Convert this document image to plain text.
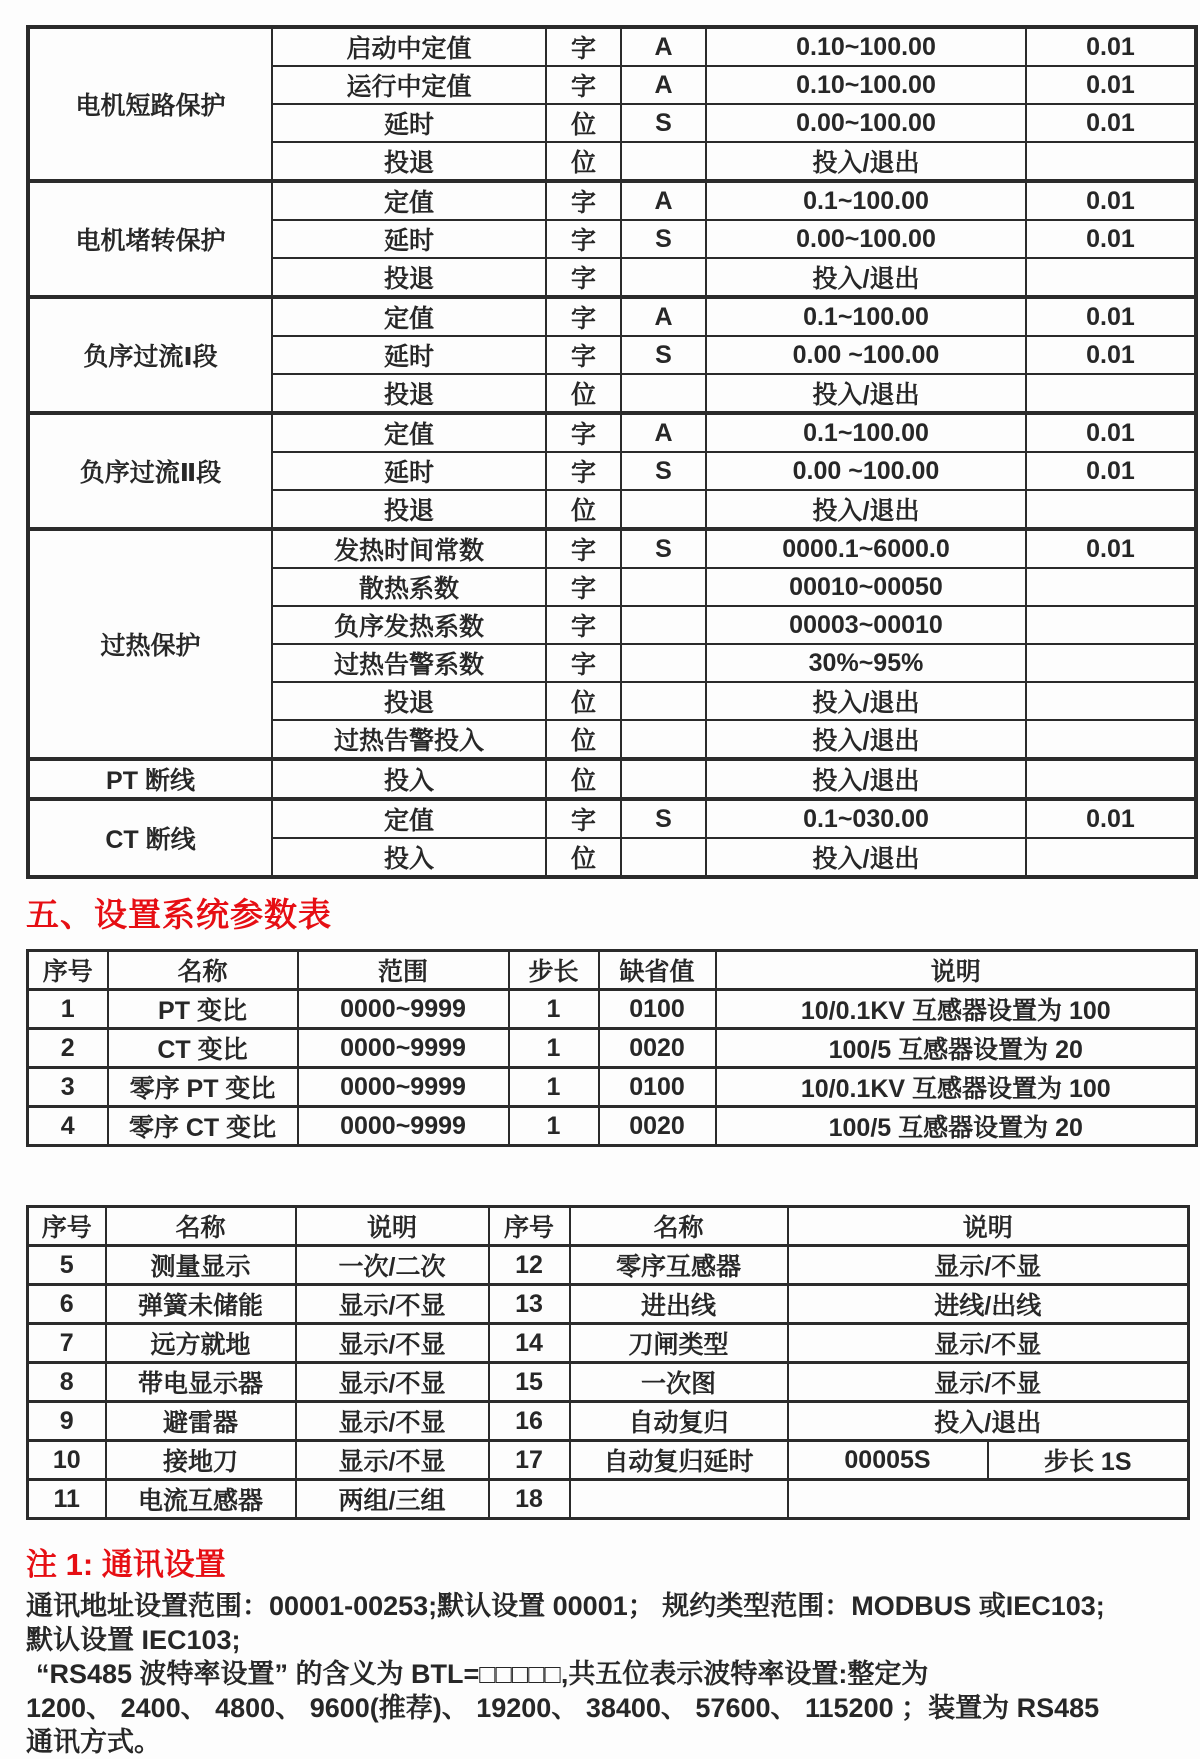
电机短路保护	启动中定值	字	A	0.10~100.00	0.01
	运行中定值	字	A	0.10~100.00	0.01
	延时	位	S	0.00~100.00	0.01
	投退	位		投入/退出	
电机堵转保护	定值	字	A	0.1~100.00	0.01
	延时	字	S	0.00~100.00	0.01
	投退	字		投入/退出	
负序过流Ⅰ段	定值	字	A	0.1~100.00	0.01
	延时	字	S	0.00 ~100.00	0.01
	投退	位		投入/退出	
负序过流Ⅱ段	定值	字	A	0.1~100.00	0.01
	延时	字	S	0.00 ~100.00	0.01
	投退	位		投入/退出	
过热保护	发热时间常数	字	S	0000.1~6000.0	0.01
	散热系数	字		00010~00050	
	负序发热系数	字		00003~00010	
	过热告警系数	字		30%~95%	
	投退	位		投入/退出	
	过热告警投入	位		投入/退出	
PT 断线	投入	位		投入/退出	
CT 断线	定值	字	S	0.1~030.00	0.01
	投入	位		投入/退出	
五、设置系统参数表
序号	名称	范围	步长	缺省值	说明
1	PT 变比	0000~9999	1	0100	10/0.1KV 互感器设置为 100
2	CT 变比	0000~9999	1	0020	100/5 互感器设置为 20
3	零序 PT 变比	0000~9999	1	0100	10/0.1KV 互感器设置为 100
4	零序 CT 变比	0000~9999	1	0020	100/5 互感器设置为 20
序号	名称	说明	序号	名称	说明	
5	测量显示	一次/二次	12	零序互感器	显示/不显	
6	弹簧未储能	显示/不显	13	进出线	进线/出线	
7	远方就地	显示/不显	14	刀闸类型	显示/不显	
8	带电显示器	显示/不显	15	一次图	显示/不显	
9	避雷器	显示/不显	16	自动复归	投入/退出	
10	接地刀	显示/不显	17	自动复归延时	00005S	步长 1S
11	电流互感器	两组/三组	18			
注 1: 通讯设置
通讯地址设置范围：00001-00253;默认设置 00001； 规约类型范围：MODBUS 或IEC103;
默认设置 IEC103;
“RS485 波特率设置” 的含义为 BTL=□□□□□,共五位表示波特率设置:整定为
1200、 2400、 4800、 9600(推荐)、 19200、 38400、 57600、 115200 ；装置为 RS485
通讯方式。
